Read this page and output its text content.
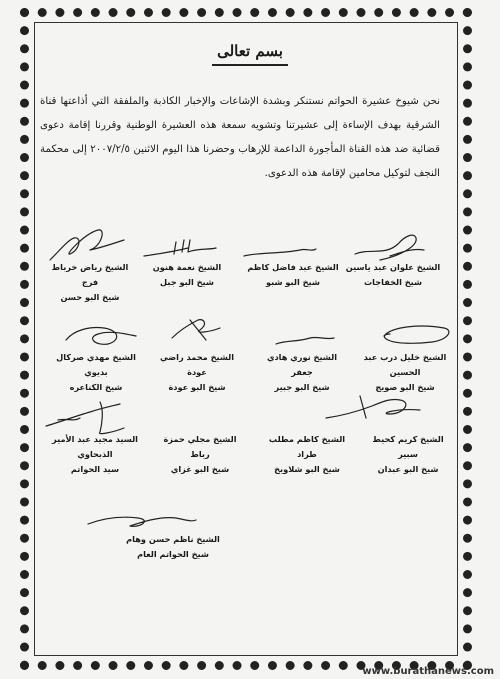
بسم تعالى
نحن شيوخ عشيرة الحواتم نستنكر وبشدة الإشاعات والإخبار الكاذبة والملفقة التي أذاعتها قناة الشرقية بهدف الإساءة إلى عشيرتنا وتشويه سمعة هذه العشيرة الوطنية وقررنا إقامة دعوى قضائية ضد هذه القناة المأجورة الداعمة للإرهاب وحضرنا هذا اليوم الاثنين ٢٠٠٧/٢/٥ إلى محكمة النجف لتوكيل محامين لإقامة هذه الدعوى.
الشيخ علوان عبد ياسين
شيخ الخفاجات
الشيخ عبد فاضل كاظم
شيخ البو شبو
الشيخ نعمة هنون
شيخ البو جبل
الشيخ رياض خرباط فرج
شيخ البو حسن
الشيخ خليل درب عبد الحسين
شيخ البو صويج
الشيخ نوري هادي جعفر
شيخ البو جبير
الشيخ محمد راضي عودة
شيخ البو عودة
الشيخ مهدي صركال بديوي
شيخ الكناعره
الشيخ كريم كحيط سبير
شيخ البو عبدان
الشيخ كاظم مطلب طراد
شيخ البو شلاويخ
الشيخ مجلي حمزة رباط
شيخ البو غزاي
السيد مجيد عبد الأمير الذبحاوي
سيد الحواتم
الشيخ ناظم حسن وهام
شيخ الحواتم العام
www.burathanews.com
